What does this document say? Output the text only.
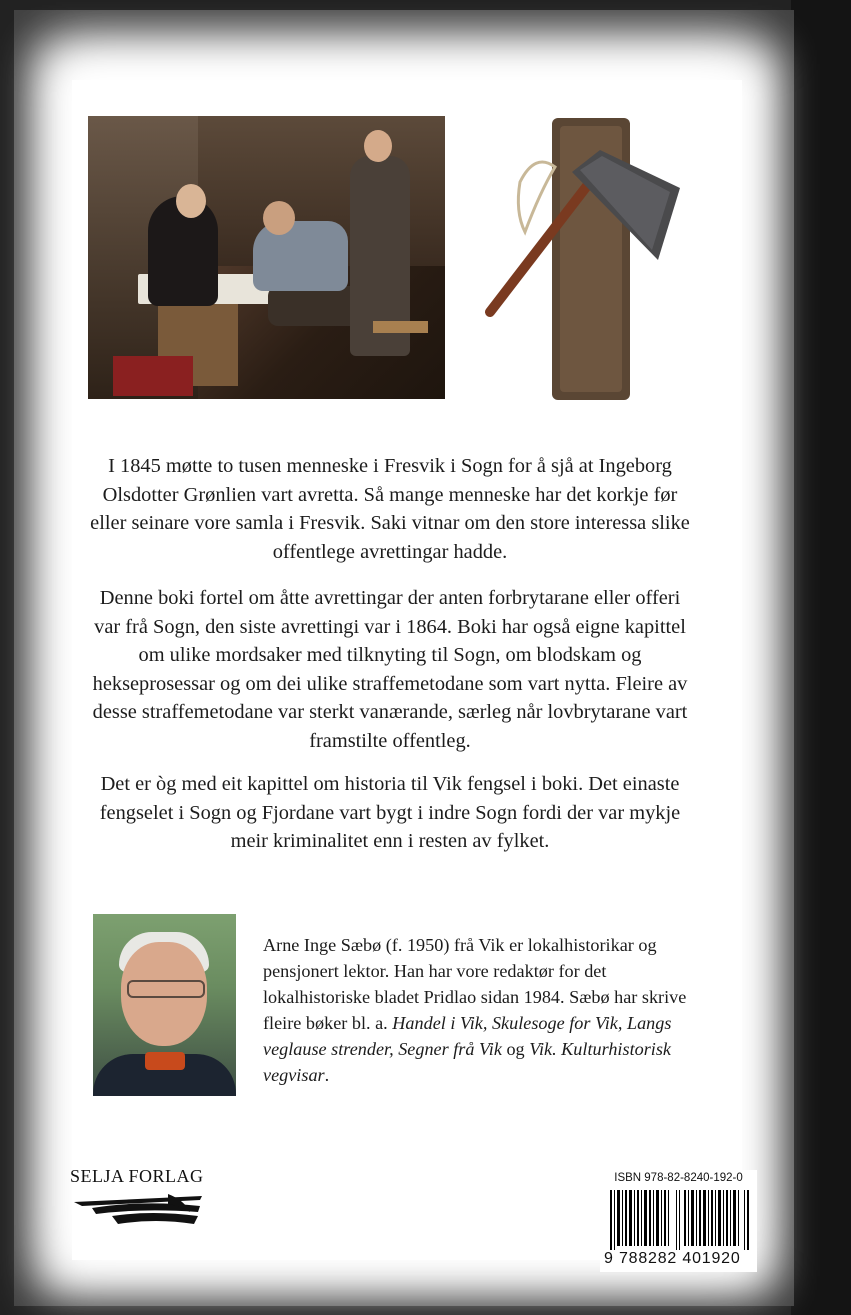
I 1845 møtte to tusen menneske i Fresvik i Sogn for å sjå at Ingeborg Olsdotter Grønlien vart avretta. Så mange menneske har det korkje før eller seinare vore samla i Fresvik. Saki vitnar om den store interessa slike offentlege avrettingar hadde.

Denne boki fortel om åtte avrettingar der anten forbrytarane eller offeri var frå Sogn, den siste avrettingi var i 1864. Boki har også eigne kapittel om ulike mordsaker med tilknyting til Sogn, om blodskam og hekseprosessar og om dei ulike straffemetodane som vart nytta. Fleire av desse straffemetodane var sterkt vanærande, særleg når lovbrytarane vart framstilte offentleg.

Det er òg med eit kapittel om historia til Vik fengsel i boki. Det einaste fengselet i Sogn og Fjordane vart bygt i indre Sogn fordi der var mykje meir kriminalitet enn i resten av fylket.

Arne Inge Sæbø (f. 1950) frå Vik er lokalhistorikar og pensjonert lektor. Han har vore redaktør for det lokalhistoriske bladet Pridlao sidan 1984. Sæbø har skrive fleire bøker bl. a. Handel i Vik, Skulesoge for Vik, Langs veglause strender, Segner frå Vik og Vik. Kulturhistorisk vegvisar.
SELJA FORLAG	ISBN 978-82-8240-192-0
9 788282 401920
